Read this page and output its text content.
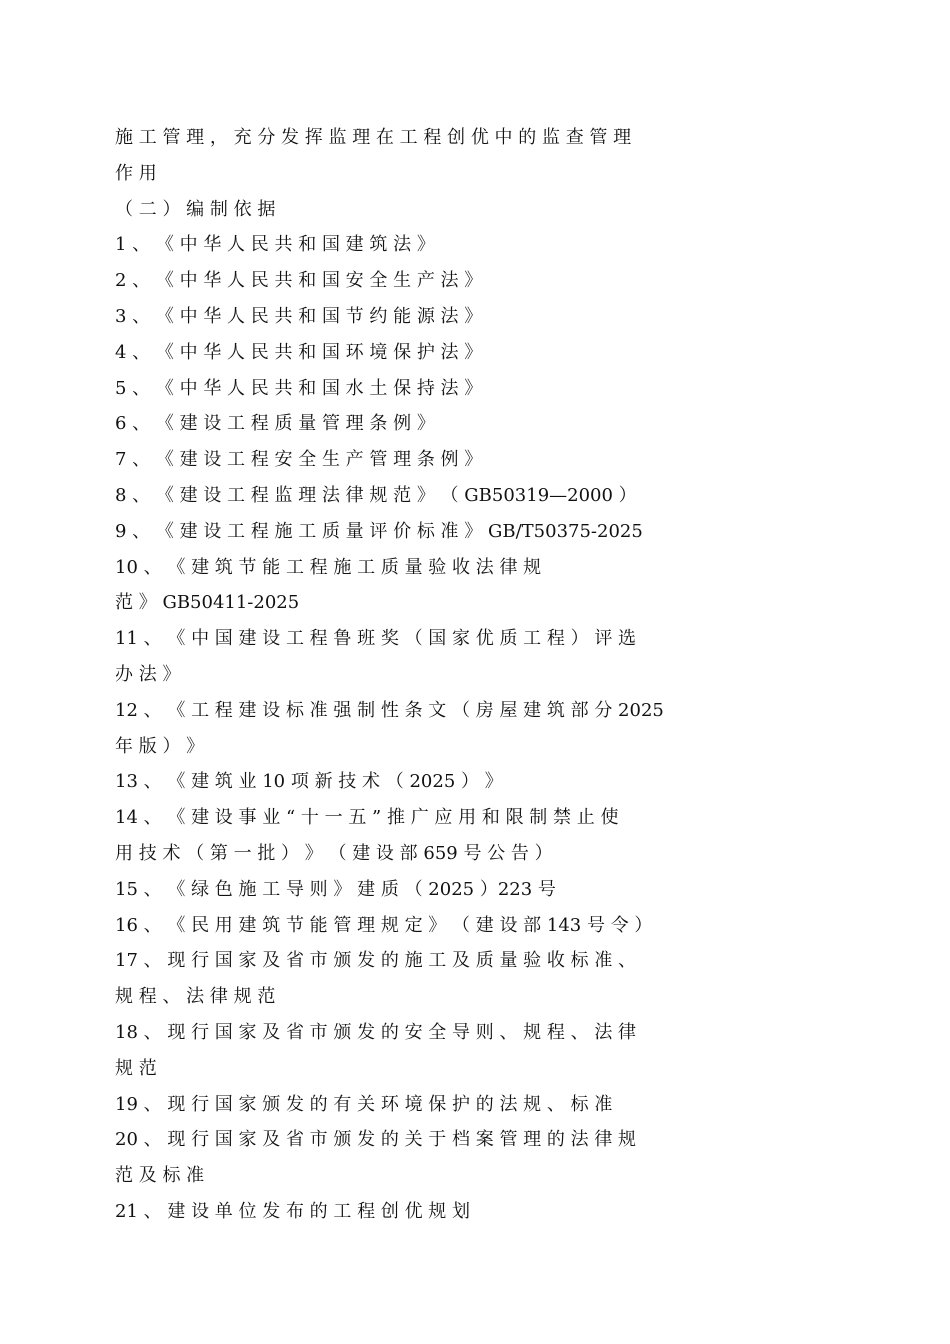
施 工 管 理 ， 充 分 发 挥 监 理 在 工 程 创 优 中 的 监 查 管 理
作 用
（ 二 ） 编 制 依 据
1 、 《 中 华 人 民 共 和 国 建 筑 法 》
2 、 《 中 华 人 民 共 和 国 安 全 生 产 法 》
3 、 《 中 华 人 民 共 和 国 节 约 能 源 法 》
4 、 《 中 华 人 民 共 和 国 环 境 保 护 法 》
5 、 《 中 华 人 民 共 和 国 水 土 保 持 法 》
6 、 《 建 设 工 程 质 量 管 理 条 例 》
7 、 《 建 设 工 程 安 全 生 产 管 理 条 例 》
8 、 《 建 设 工 程 监 理 法 律 规 范 》 （ GB50319—2000 ）
9 、 《 建 设 工 程 施 工 质 量 评 价 标 准 》 GB/T50375-2025
10 、 《 建 筑 节 能 工 程 施 工 质 量 验 收 法 律 规
范 》 GB50411-2025
11 、 《 中 国 建 设 工 程 鲁 班 奖 （ 国 家 优 质 工 程 ） 评 选
办 法 》
12 、 《 工 程 建 设 标 准 强 制 性 条 文 （ 房 屋 建 筑 部 分 2025
年 版 ） 》
13 、 《 建 筑 业 10 项 新 技 术 （ 2025 ） 》
14 、 《 建 设 事 业 “ 十 一 五 ” 推 广 应 用 和 限 制 禁 止 使
用 技 术 （ 第 一 批 ） 》 （ 建 设 部 659 号 公 告 ）
15 、 《 绿 色 施 工 导 则 》 建 质 （ 2025 ）223 号
16 、 《 民 用 建 筑 节 能 管 理 规 定 》 （ 建 设 部 143 号 令 ）
17 、 现 行 国 家 及 省 市 颁 发 的 施 工 及 质 量 验 收 标 准 、
规 程 、 法 律 规 范
18 、 现 行 国 家 及 省 市 颁 发 的 安 全 导 则 、 规 程 、 法 律
规 范
19 、 现 行 国 家 颁 发 的 有 关 环 境 保 护 的 法 规 、 标 准
20 、 现 行 国 家 及 省 市 颁 发 的 关 于 档 案 管 理 的 法 律 规
范 及 标 准
21 、 建 设 单 位 发 布 的 工 程 创 优 规 划
